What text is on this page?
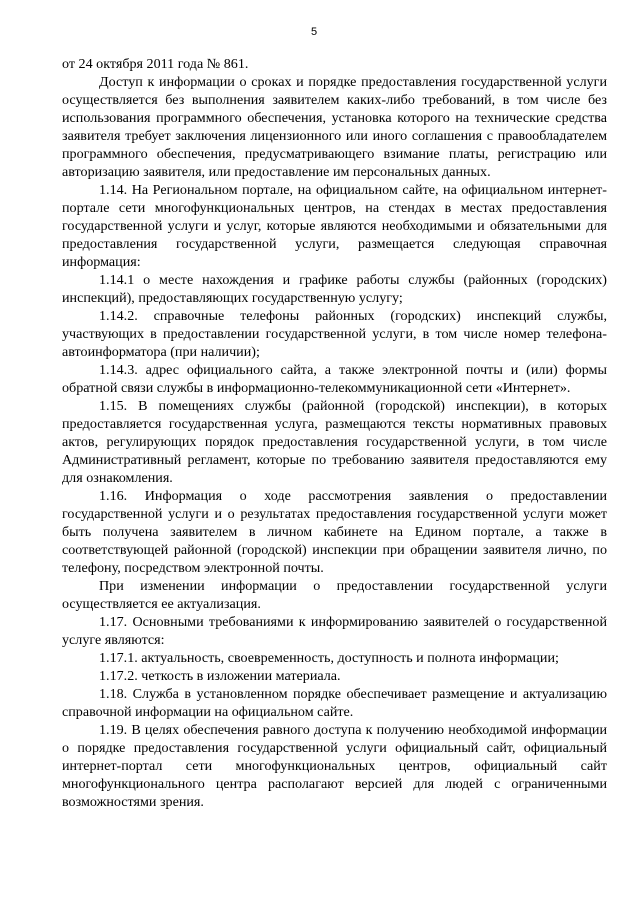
5

от 24 октября 2011 года № 861.

Доступ к информации о сроках и порядке предоставления государственной услуги осуществляется без выполнения заявителем каких-либо требований, в том числе без использования программного обеспечения, установка которого на технические средства заявителя требует заключения лицензионного или иного соглашения с правообладателем программного обеспечения, предусматривающего взимание платы, регистрацию или авторизацию заявителя, или предоставление им персональных данных.

1.14. На Региональном портале, на официальном сайте, на официальном интернет-портале сети многофункциональных центров, на стендах в местах предоставления государственной услуги и услуг, которые являются необходимыми и обязательными для предоставления государственной услуги, размещается следующая справочная информация:

1.14.1 о месте нахождения и графике работы службы (районных (городских) инспекций), предоставляющих государственную услугу;

1.14.2. справочные телефоны районных (городских) инспекций службы, участвующих в предоставлении государственной услуги, в том числе номер телефона-автоинформатора (при наличии);

1.14.3. адрес официального сайта, а также электронной почты и (или) формы обратной связи службы в информационно-телекоммуникационной сети «Интернет».

1.15. В помещениях службы (районной (городской) инспекции), в которых предоставляется государственная услуга, размещаются тексты нормативных правовых актов, регулирующих порядок предоставления государственной услуги, в том числе Административный регламент, которые по требованию заявителя предоставляются ему для ознакомления.

1.16. Информация о ходе рассмотрения заявления о предоставлении государственной услуги и о результатах предоставления государственной услуги может быть получена заявителем в личном кабинете на Едином портале, а также в соответствующей районной (городской) инспекции при обращении заявителя лично, по телефону, посредством электронной почты.

При изменении информации о предоставлении государственной услуги осуществляется ее актуализация.

1.17. Основными требованиями к информированию заявителей о государственной услуге являются:

1.17.1. актуальность, своевременность, доступность и полнота информации;

1.17.2. четкость в изложении материала.

1.18. Служба в установленном порядке обеспечивает размещение и актуализацию справочной информации на официальном сайте.

1.19. В целях обеспечения равного доступа к получению необходимой информации о порядке предоставления государственной услуги официальный сайт, официальный интернет-портал сети многофункциональных центров, официальный сайт многофункционального центра располагают версией для людей с ограниченными возможностями зрения.
